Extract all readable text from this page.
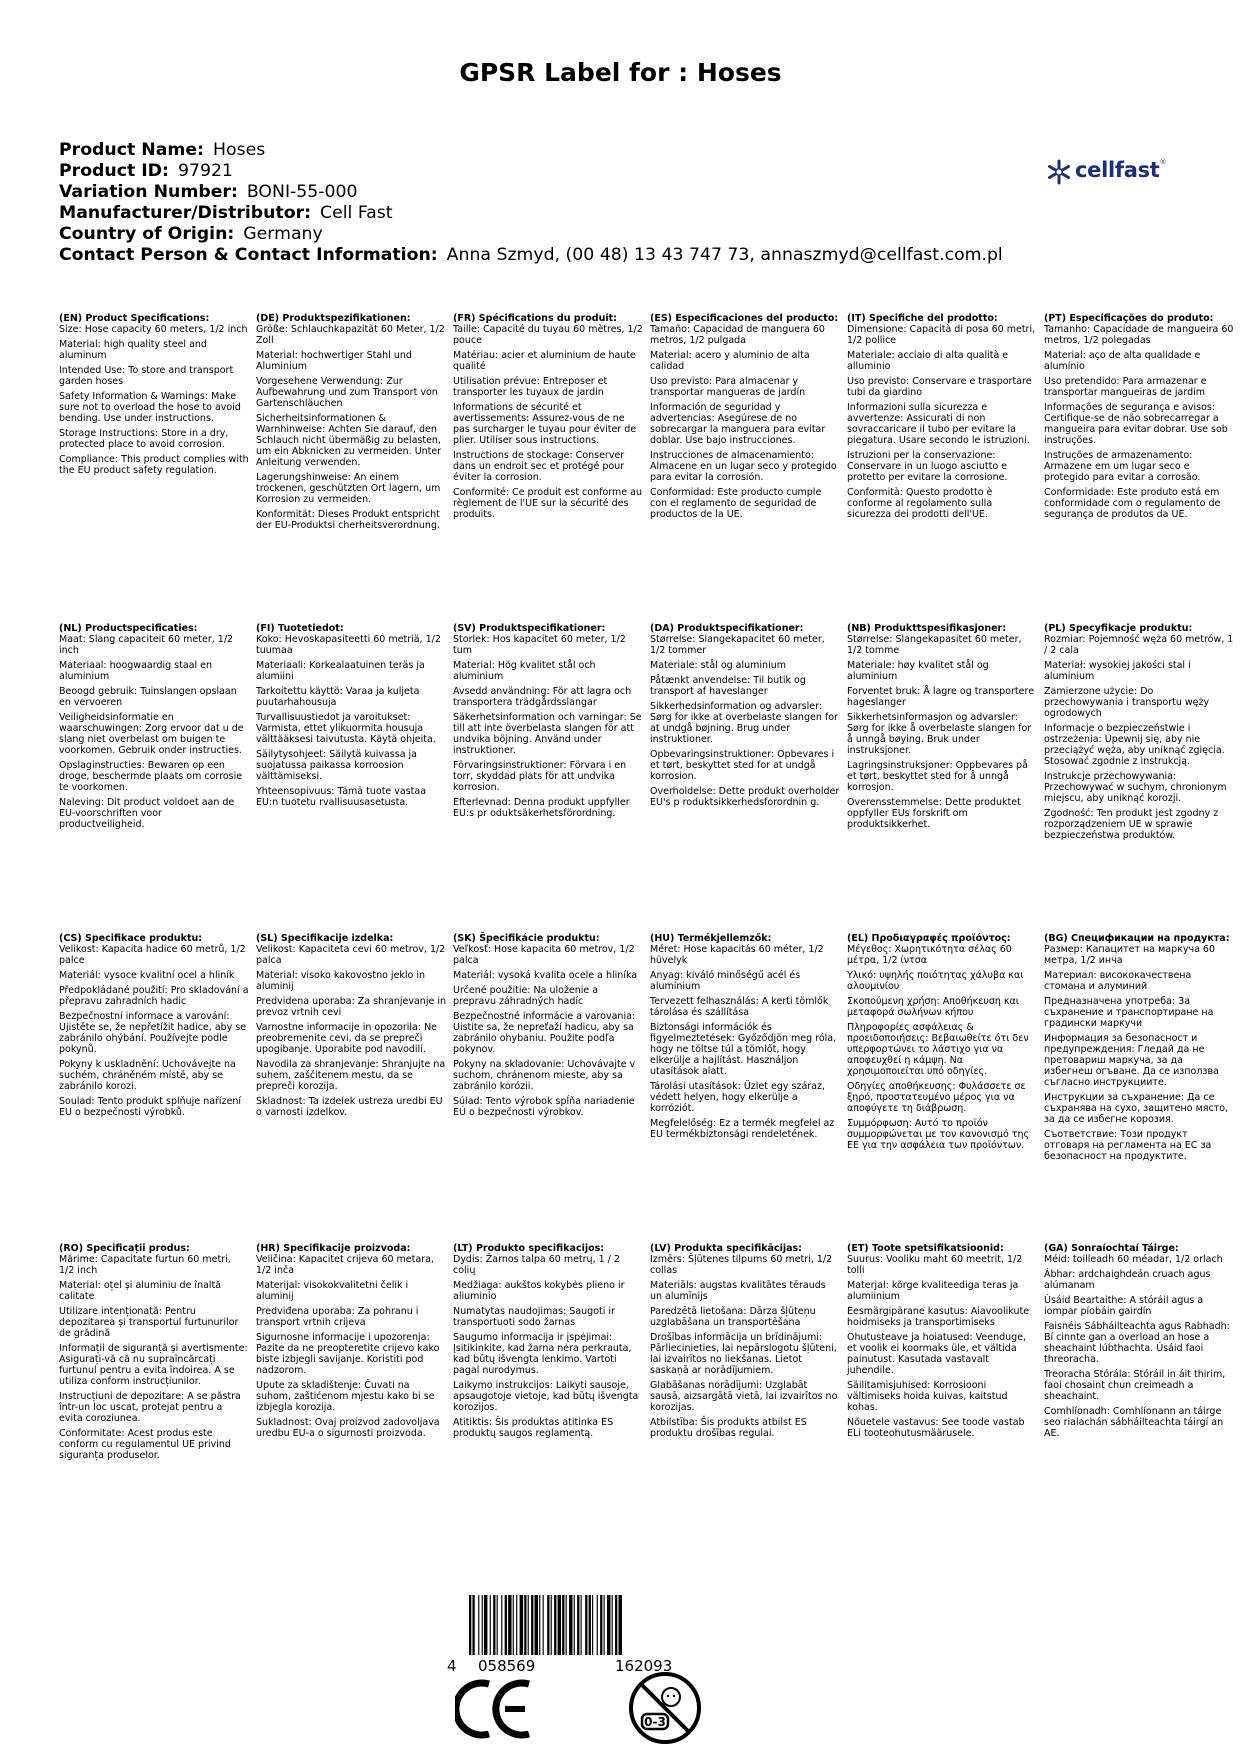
GPSR Label for : Hoses
Product Name: Hoses
Product ID: 97921
Variation Number: BONI-55-000
Manufacturer/Distributor: Cell Fast
Country of Origin: Germany
Contact Person & Contact Information: Anna Szmyd, (00 48) 13 43 747 73, annaszmyd@cellfast.com.pl
cellfast®
(EN) Product Specifications:

Size: Hose capacity 60 meters, 1/2 inch

Material: high quality steel and aluminum

Intended Use: To store and transport garden hoses

Safety Information & Warnings: Make sure not to overload the hose to avoid bending. Use under instructions.

Storage Instructions: Store in a dry, protected place to avoid corrosion.

Compliance: This product complies with the EU product safety regulation.

(DE) Produktspezifikationen:

Größe: Schlauchkapazität 60 Meter, 1/2 Zoll

Material: hochwertiger Stahl und Aluminium

Vorgesehene Verwendung: Zur Aufbewahrung und zum Transport von Gartenschläuchen

Sicherheitsinformationen & Warnhinweise: Achten Sie darauf, den Schlauch nicht übermäßig zu belasten, um ein Abknicken zu vermeiden. Unter Anleitung verwenden.

Lagerungshinweise: An einem trockenen, geschützten Ort lagern, um Korrosion zu vermeiden.

Konformität: Dieses Produkt entspricht der EU-Produktsi cherheitsverordnung.

(FR) Spécifications du produit:

Taille: Capacité du tuyau 60 mètres, 1/2 pouce

Matériau: acier et aluminium de haute qualité

Utilisation prévue: Entreposer et transporter les tuyaux de jardin

Informations de sécurité et avertissements: Assurez-vous de ne pas surcharger le tuyau pour éviter de plier. Utiliser sous instructions.

Instructions de stockage: Conserver dans un endroit sec et protégé pour éviter la corrosion.

Conformité: Ce produit est conforme au règlement de l'UE sur la sécurité des produits.

(ES) Especificaciones del producto:

Tamaño: Capacidad de manguera 60 metros, 1/2 pulgada

Material: acero y aluminio de alta calidad

Uso previsto: Para almacenar y transportar mangueras de jardín

Información de seguridad y advertencias: Asegúrese de no sobrecargar la manguera para evitar doblar. Use bajo instrucciones.

Instrucciones de almacenamiento: Almacene en un lugar seco y protegido para evitar la corrosión.

Conformidad: Este producto cumple con el reglamento de seguridad de productos de la UE.

(IT) Specifiche del prodotto:

Dimensione: Capacità di posa 60 metri, 1/2 pollice

Materiale: acciaio di alta qualità e alluminio

Uso previsto: Conservare e trasportare tubi da giardino

Informazioni sulla sicurezza e avvertenze: Assicurati di non sovraccaricare il tubo per evitare la piegatura. Usare secondo le istruzioni.

Istruzioni per la conservazione: Conservare in un luogo asciutto e protetto per evitare la corrosione.

Conformità: Questo prodotto è conforme al regolamento sulla sicurezza dei prodotti dell'UE.

(PT) Especificações do produto:

Tamanho: Capacidade de mangueira 60 metros, 1/2 polegadas

Material: aço de alta qualidade e alumínio

Uso pretendido: Para armazenar e transportar mangueiras de jardim

Informações de segurança e avisos: Certifique-se de não sobrecarregar a mangueira para evitar dobrar. Use sob instruções.

Instruções de armazenamento: Armazene em um lugar seco e protegido para evitar a corrosão.

Conformidade: Este produto está em conformidade com o regulamento de segurança de produtos da UE.

(NL) Productspecificaties:

Maat: Slang capaciteit 60 meter, 1/2 inch

Materiaal: hoogwaardig staal en aluminium

Beoogd gebruik: Tuinslangen opslaan en vervoeren

Veiligheidsinformatie en waarschuwingen: Zorg ervoor dat u de slang niet overbelast om buigen te voorkomen. Gebruik onder instructies.

Opslaginstructies: Bewaren op een droge, beschermde plaats om corrosie te voorkomen.

Naleving: Dit product voldoet aan de EU-voorschriften voor productveiligheid.

(FI) Tuotetiedot:

Koko: Hevoskapasiteetti 60 metriä, 1/2 tuumaa

Materiaali: Korkealaatuinen teräs ja alumiini

Tarkoitettu käyttö: Varaa ja kuljeta puutarhahousuja

Turvallisuustiedot ja varoitukset: Varmista, ettet ylikuormita housuja välttääksesi taivutusta. Käytä ohjeita.

Säilytysohjeet: Säilytä kuivassa ja suojatussa paikassa korroosion välttämiseksi.

Yhteensopivuus: Tämä tuote vastaa EU:n tuotetu rvallisuusasetusta.

(SV) Produktspecifikationer:

Storlek: Hos kapacitet 60 meter, 1/2 tum

Material: Hög kvalitet stål och aluminium

Avsedd användning: För att lagra och transportera trädgårdsslangar

Säkerhetsinformation och varningar: Se till att inte överbelasta slangen för att undvika böjning. Använd under instruktioner.

Förvaringsinstruktioner: Förvara i en torr, skyddad plats för att undvika korrosion.

Efterlevnad: Denna produkt uppfyller EU:s pr oduktsäkerhetsförordning.

(DA) Produktspecifikationer:

Størrelse: Slangekapacitet 60 meter, 1/2 tommer

Materiale: stål og aluminium

Påtænkt anvendelse: Til butik og transport af haveslanger

Sikkerhedsinformation og advarsler: Sørg for ikke at overbelaste slangen for at undgå bøjning. Brug under instruktioner.

Opbevaringsinstruktioner: Opbevares i et tørt, beskyttet sted for at undgå korrosion.

Overholdelse: Dette produkt overholder EU's p roduktsikkerhedsforordnin g.

(NB) Produkttspesifikasjoner:

Størrelse: Slangekapasitet 60 meter, 1/2 tomme

Materiale: høy kvalitet stål og aluminium

Forventet bruk: Å lagre og transportere hageslanger

Sikkerhetsinformasjon og advarsler: Sørg for ikke å overbelaste slangen for å unngå bøying. Bruk under instruksjoner.

Lagringsinstruksjoner: Oppbevares på et tørt, beskyttet sted for å unngå korrosjon.

Overensstemmelse: Dette produktet oppfyller EUs forskrift om produktsikkerhet.

(PL) Specyfikacje produktu:

Rozmiar: Pojemność węża 60 metrów, 1 / 2 cala

Materiał: wysokiej jakości stal i aluminium

Zamierzone użycie: Do przechowywania i transportu węży ogrodowych

Informacje o bezpieczeństwie i ostrzeżenia: Upewnij się, aby nie przeciążyć węża, aby uniknąć zgięcia. Stosować zgodnie z instrukcją.

Instrukcje przechowywania: Przechowywać w suchym, chronionym miejscu, aby uniknąć korozji.

Zgodność: Ten produkt jest zgodny z rozporządzeniem UE w sprawie bezpieczeństwa produktów.

(CS) Specifikace produktu:

Velikost: Kapacita hadice 60 metrů, 1/2 palce

Materiál: vysoce kvalitní ocel a hliník

Předpokládané použití: Pro skladování a přepravu zahradních hadic

Bezpečnostní informace a varování: Ujistěte se, že nepřetížit hadice, aby se zabránilo ohýbání. Používejte podle pokynů.

Pokyny k uskladnění: Uchovávejte na suchém, chráněném místě, aby se zabránilo korozi.

Soulad: Tento produkt splňuje nařízení EU o bezpečnosti výrobků.

(SL) Specifikacije izdelka:

Velikost: Kapaciteta cevi 60 metrov, 1/2 palca

Material: visoko kakovostno jeklo in aluminij

Predvidena uporaba: Za shranjevanje in prevoz vrtnih cevi

Varnostne informacije in opozorila: Ne preobremenite cevi, da se prepreči upogibanje. Uporabite pod navodili.

Navodila za shranjevanje: Shranjujte na suhem, zaščitenem mestu, da se prepreči korozija.

Skladnost: Ta izdelek ustreza uredbi EU o varnosti izdelkov.

(SK) Špecifikácie produktu:

Veľkosť: Hose kapacita 60 metrov, 1/2 palca

Materiál: vysoká kvalita ocele a hliníka

Určené použitie: Na uloženie a prepravu záhradných hadíc

Bezpečnostné informácie a varovania: Uistite sa, že nepreťaží hadicu, aby sa zabránilo ohybaniu. Použite podľa pokynov.

Pokyny na skladovanie: Uchovávajte v suchom, chránenom mieste, aby sa zabránilo korózii.

Súlad: Tento výrobok spĺňa nariadenie EÚ o bezpečnosti výrobkov.

(HU) Termékjellemzők:

Méret: Hose kapacitás 60 méter, 1/2 hüvelyk

Anyag: kiváló minőségű acél és alumínium

Tervezett felhasználás: A kerti tömlők tárolása és szállítása

Biztonsági információk és figyelmeztetések: Győződjön meg róla, hogy ne töltse túl a tömlőt, hogy elkerülje a hajlítást. Használjon utasítások alatt.

Tárolási utasítások: Üzlet egy száraz, védett helyen, hogy elkerülje a korróziót.

Megfelelőség: Ez a termék megfelel az EU termékbiztonsági rendeletének.

(EL) Προδιαγραφές προϊόντος:

Μέγεθος: Χωρητικότητα σέλας 60 μέτρα, 1/2 ίντσα

Υλικό: υψηλής ποιότητας χάλυβα και αλουμινίου

Σκοπούμενη χρήση: Αποθήκευση και μεταφορά σωλήνων κήπου

Πληροφορίες ασφάλειας & προειδοποιήσεις: Βεβαιωθείτε ότι δεν υπερφορτώνει το λάστιχο για να αποφευχθεί η κάμψη. Να χρησιμοποιείται υπό οδηγίες.

Οδηγίες αποθήκευσης: Φυλάσσετε σε ξηρό, προστατευμένο μέρος για να αποφύγετε τη διάβρωση.

Συμμόρφωση: Αυτό το προϊόν συμμορφώνεται με τον κανονισμό της ΕΕ για την ασφάλεια των προϊόντων.

(BG) Спецификации на продукта:

Размер: Капацитет на маркуча 60 метра, 1/2 инча

Материал: висококачествена стомана и алуминий

Предназначена употреба: За съхранение и транспортиране на градински маркучи

Информация за безопасност и предупреждения: Гледай да не претовариш маркуча, за да избегнеш огъване. Да се използва съгласно инструкциите.

Инструкции за съхранение: Да се съхранява на сухо, защитено място, за да се избегне корозия.

Съответствие: Този продукт отговаря на регламента на ЕС за безопасност на продуктите.

(RO) Specificații produs:

Mărime: Capacitate furtun 60 metri, 1/2 inch

Material: oțel și aluminiu de înaltă calitate

Utilizare intenționată: Pentru depozitarea și transportul furtunurilor de grădină

Informații de siguranță și avertismente: Asigurați-vă că nu supraîncărcați furtunul pentru a evita îndoirea. A se utiliza conform instrucțiunilor.

Instrucțiuni de depozitare: A se păstra într-un loc uscat, protejat pentru a evita coroziunea.

Conformitate: Acest produs este conform cu regulamentul UE privind siguranța produselor.

(HR) Specifikacije proizvoda:

Veličina: Kapacitet crijeva 60 metara, 1/2 inča

Materijal: visokokvalitetni čelik i aluminij

Predviđena uporaba: Za pohranu i transport vrtnih crijeva

Sigurnosne informacije i upozorenja: Pazite da ne preopteretite crijevo kako biste izbjegli savijanje. Koristiti pod nadzorom.

Upute za skladištenje: Čuvati na suhom, zaštićenom mjestu kako bi se izbjegla korozija.

Sukladnost: Ovaj proizvod zadovoljava uredbu EU-a o sigurnosti proizvoda.

(LT) Produkto specifikacijos:

Dydis: Žarnos talpa 60 metrų, 1 / 2 colių

Medžiaga: aukštos kokybės plieno ir aliuminio

Numatytas naudojimas: Saugoti ir transportuoti sodo žarnas

Saugumo informacija ir įspėjimai: Įsitikinkite, kad žarna nėra perkrauta, kad būtų išvengta lenkimo. Vartoti pagal nurodymus.

Laikymo instrukcijos: Laikyti sausoje, apsaugotoje vietoje, kad būtų išvengta korozijos.

Atitiktis: Šis produktas atitinka ES produktų saugos reglamentą.

(LV) Produkta specifikācijas:

Izmērs: Šļūtenes tilpums 60 metri, 1/2 collas

Materiāls: augstas kvalitātes tērauds un alumīnijs

Paredzētā lietošana: Dārza šļūteņu uzglabāšana un transportēšana

Drošības informācija un brīdinājumi: Pārliecinieties, lai nepārslogotu šļūteni, lai izvairītos no liekšanas. Lietot saskaņā ar norādījumiem.

Glabāšanas norādījumi: Uzglabāt sausā, aizsargātā vietā, lai izvairītos no korozijas.

Atbilstība: Šis produkts atbilst ES produktu drošības regulai.

(ET) Toote spetsifikatsioonid:

Suurus: Vooliku maht 60 meetrit, 1/2 tolli

Materjal: kõrge kvaliteediga teras ja alumiinium

Eesmärgipärane kasutus: Aiavoolikute hoidmiseks ja transportimiseks

Ohutusteave ja hoiatused: Veenduge, et voolik ei koormaks üle, et vältida painutust. Kasutada vastavalt juhendile.

Säilitamisjuhised: Korrosiooni vältimiseks hoida kuivas, kaitstud kohas.

Nõuetele vastavus: See toode vastab ELi tooteohutusmäärusele.

(GA) Sonraíochtaí Táirge:

Méid: toilleadh 60 méadar, 1/2 orlach

Ábhar: ardchaighdeán cruach agus alúmanam

Úsáid Beartaithe: A stóráil agus a iompar píobáin gairdín

Faisnéis Sábháilteachta agus Rabhadh: Bí cinnte gan a overload an hose a sheachaint lúbthachta. Úsáid faoi threoracha.

Treoracha Stórála: Stóráil in áit thirim, faoi chosaint chun creimeadh a sheachaint.

Comhlíonadh: Comhlíonann an táirge seo rialachán sábháilteachta táirgí an AE.

4 058569	162093
0-3
